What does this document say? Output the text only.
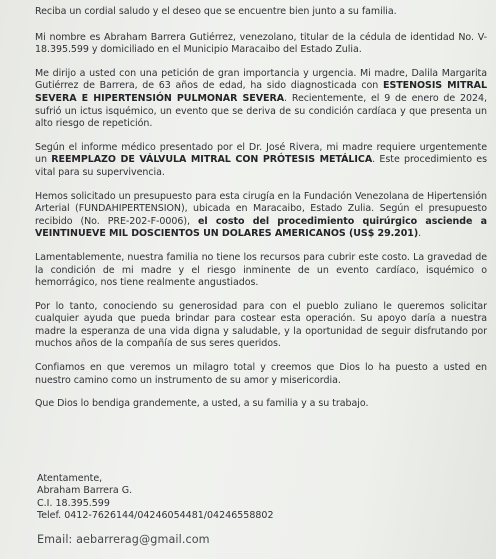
Reciba un cordial saludo y el deseo que se encuentre bien junto a su familia.

Mi nombre es Abraham Barrera Gutiérrez, venezolano, titular de la cédula de identidad No. V-18.395.599 y domiciliado en el Municipio Maracaibo del Estado Zulia.

Me dirijo a usted con una petición de gran importancia y urgencia. Mi madre, Dalila Margarita Gutiérrez de Barrera, de 63 años de edad, ha sido diagnosticada con ESTENOSIS MITRAL SEVERA E HIPERTENSIÓN PULMONAR SEVERA. Recientemente, el 9 de enero de 2024, sufrió un ictus isquémico, un evento que se deriva de su condición cardíaca y que presenta un alto riesgo de repetición.

Según el informe médico presentado por el Dr. José Rivera, mi madre requiere urgentemente un REEMPLAZO DE VÁLVULA MITRAL CON PRÓTESIS METÁLICA. Este procedimiento es vital para su supervivencia.

Hemos solicitado un presupuesto para esta cirugía en la Fundación Venezolana de Hipertensión Arterial (FUNDAHIPERTENSION), ubicada en Maracaibo, Estado Zulia. Según el presupuesto recibido (No. PRE-202-F-0006), el costo del procedimiento quirúrgico asciende a VEINTINUEVE MIL DOSCIENTOS UN DOLARES AMERICANOS (US$ 29.201).

Lamentablemente, nuestra familia no tiene los recursos para cubrir este costo. La gravedad de la condición de mi madre y el riesgo inminente de un evento cardíaco, isquémico o hemorrágico, nos tiene realmente angustiados.

Por lo tanto, conociendo su generosidad para con el pueblo zuliano le queremos solicitar cualquier ayuda que pueda brindar para costear esta operación. Su apoyo daría a nuestra madre la esperanza de una vida digna y saludable, y la oportunidad de seguir disfrutando por muchos años de la compañía de sus seres queridos.

Confiamos en que veremos un milagro total y creemos que Dios lo ha puesto a usted en nuestro camino como un instrumento de su amor y misericordia.

Que Dios lo bendiga grandemente, a usted, a su familia y a su trabajo.

Atentamente,
Abraham Barrera G.
C.I. 18.395.599
Telef. 0412-7626144/04246054481/04246558802
Email: aebarrerag@gmail.com
